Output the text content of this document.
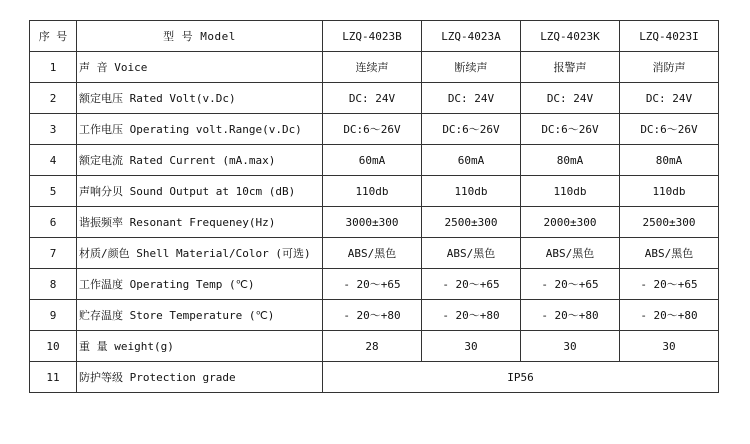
序 号	型 号 Model	LZQ-4023B	LZQ-4023A	LZQ-4023K	LZQ-4023I
1	声 音 Voice	连续声	断续声	报警声	消防声
2	额定电压 Rated Volt(v.Dc)	DC: 24V	DC: 24V	DC: 24V	DC: 24V
3	工作电压 Operating volt.Range(v.Dc)	DC:6～26V	DC:6～26V	DC:6～26V	DC:6～26V
4	额定电流 Rated Current (mA.max)	60mA	60mA	80mA	80mA
5	声响分贝 Sound Output at 10cm (dB)	110db	110db	110db	110db
6	谐振频率 Resonant Frequeney(Hz)	3000±300	2500±300	2000±300	2500±300
7	材质/颜色 Shell Material/Color (可选)	ABS/黑色	ABS/黑色	ABS/黑色	ABS/黑色
8	工作温度 Operating Temp (℃)	- 20～+65	- 20～+65	- 20～+65	- 20～+65
9	贮存温度 Store Temperature (℃)	- 20～+80	- 20～+80	- 20～+80	- 20～+80
10	重 量 weight(g)	28	30	30	30
11	防护等级 Protection grade	IP56			
